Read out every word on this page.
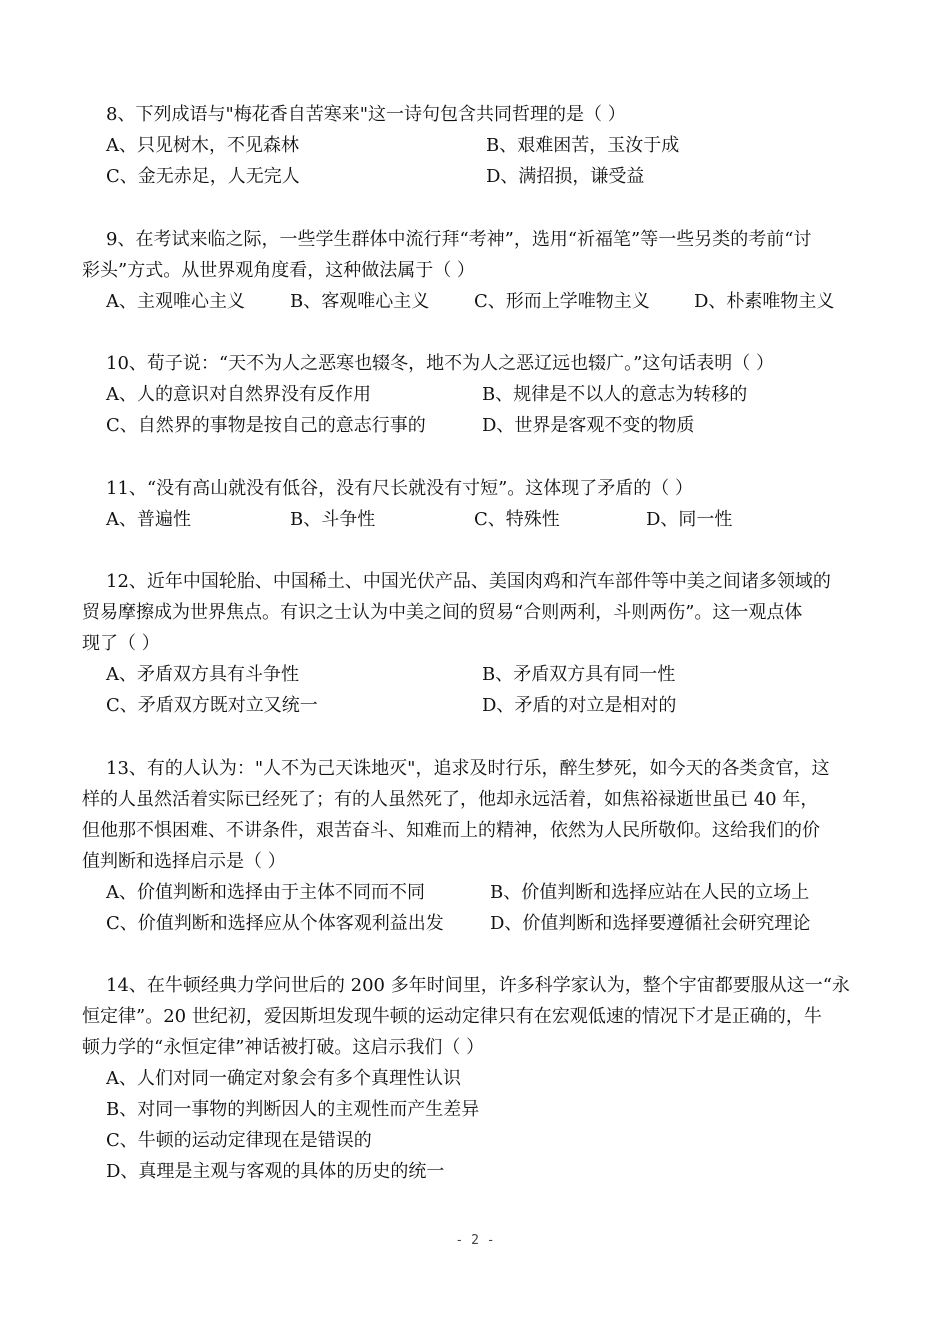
8、下列成语与"梅花香自苦寒来"这一诗句包含共同哲理的是（ ）
A、只见树木，不见森林	B、艰难困苦，玉汝于成
C、金无赤足，人无完人	D、满招损，谦受益
9、在考试来临之际，一些学生群体中流行拜“考神”，选用“祈福笔”等一些另类的考前“讨
彩头”方式。从世界观角度看，这种做法属于（ ）
A、主观唯心主义	B、客观唯心主义 C、形而上学唯物主义 D、朴素唯物主义
10、荀子说：“天不为人之恶寒也辍冬，地不为人之恶辽远也辍广。”这句话表明（ ）
A、人的意识对自然界没有反作用	B、规律是不以人的意志为转移的
C、自然界的事物是按自己的意志行事的	D、世界是客观不变的物质
11、“没有高山就没有低谷，没有尺长就没有寸短”。这体现了矛盾的（ ）
A、普遍性	B、斗争性	C、特殊性	D、同一性
12、近年中国轮胎、中国稀土、中国光伏产品、美国肉鸡和汽车部件等中美之间诸多领域的
贸易摩擦成为世界焦点。有识之士认为中美之间的贸易“合则两利，斗则两伤”。这一观点体
现了（ ）
A、矛盾双方具有斗争性	B、矛盾双方具有同一性
C、矛盾双方既对立又统一	D、矛盾的对立是相对的
13、有的人认为："人不为己天诛地灭"，追求及时行乐，醉生梦死，如今天的各类贪官，这
样的人虽然活着实际已经死了；有的人虽然死了，他却永远活着，如焦裕禄逝世虽已 40 年，
但他那不惧困难、不讲条件，艰苦奋斗、知难而上的精神，依然为人民所敬仰。这给我们的价
值判断和选择启示是（ ）
A、价值判断和选择由于主体不同而不同	B、价值判断和选择应站在人民的立场上
C、价值判断和选择应从个体客观利益出发	D、价值判断和选择要遵循社会研究理论
14、在牛顿经典力学问世后的 200 多年时间里，许多科学家认为，整个宇宙都要服从这一“永
恒定律”。20 世纪初，爱因斯坦发现牛顿的运动定律只有在宏观低速的情况下才是正确的，牛
顿力学的“永恒定律”神话被打破。这启示我们（ ）
A、人们对同一确定对象会有多个真理性认识
B、对同一事物的判断因人的主观性而产生差异
C、牛顿的运动定律现在是错误的
D、真理是主观与客观的具体的历史的统一
- 2 -
